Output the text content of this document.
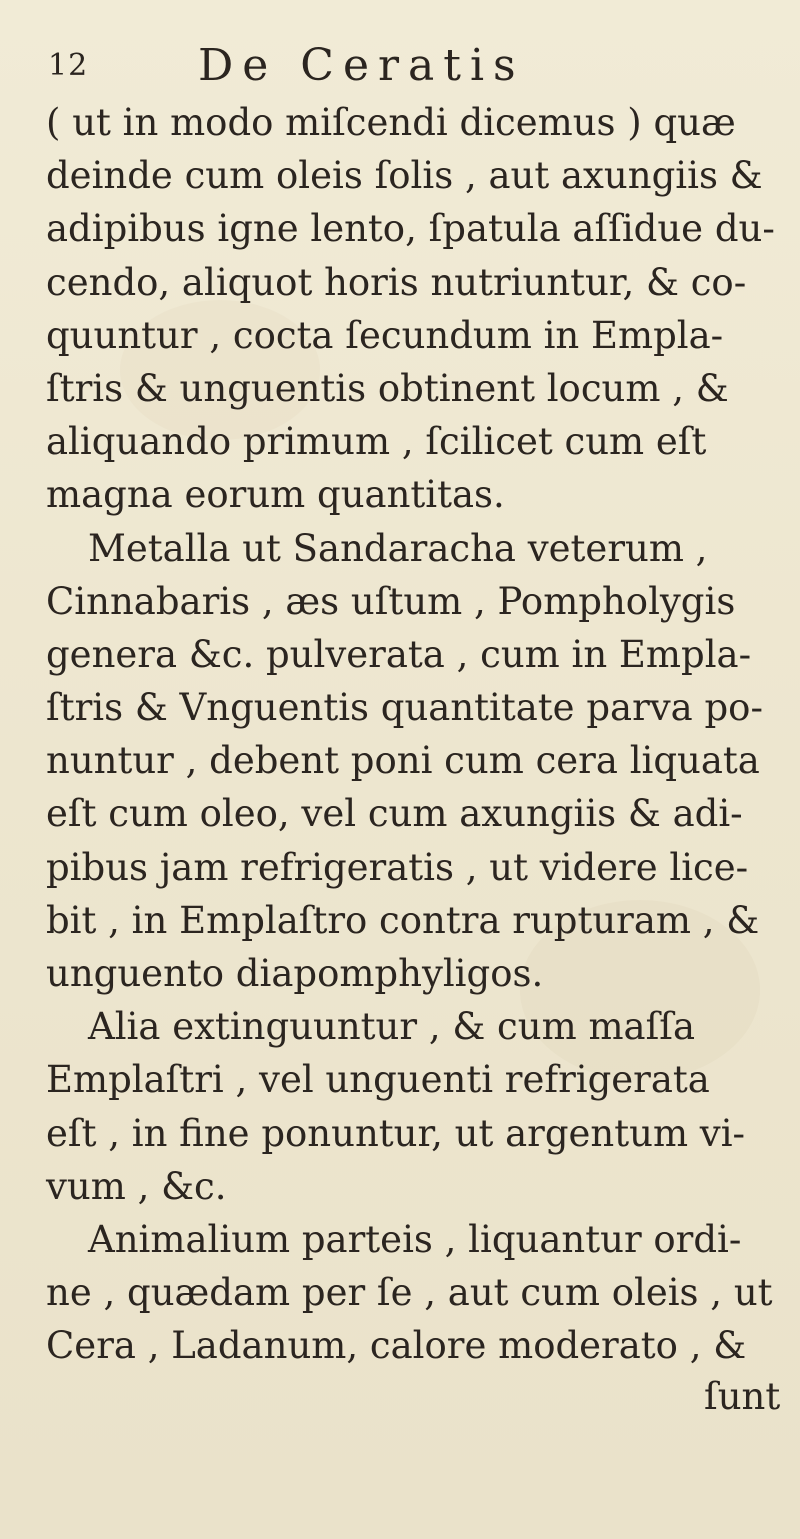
12 De Ceratis
( ut in modo miſcendi dicemus ) quæ
deinde cum oleis ſolis , aut axungiis &
adipibus igne lento, ſpatula aſſidue du-
cendo, aliquot horis nutriuntur, & co-
quuntur , cocta ſecundum in Empla-
ſtris & unguentis obtinent locum , &
aliquando primum , ſcilicet cum eſt
magna eorum quantitas.
Metalla ut Sandaracha veterum ,
Cinnabaris , æs uſtum , Pompholygis
genera &c. pulverata , cum in Empla-
ſtris & Vnguentis quantitate parva po-
nuntur , debent poni cum cera liquata
eſt cum oleo, vel cum axungiis & adi-
pibus jam refrigeratis , ut videre lice-
bit , in Emplaſtro contra rupturam , &
unguento diapomphyligos.
Alia extinguuntur , & cum maſſa
Emplaſtri , vel unguenti refrigerata
eſt , in fine ponuntur, ut argentum vi-
vum , &c.
Animalium parteis , liquantur ordi-
ne , quædam per ſe , aut cum oleis , ut
Cera , Ladanum, calore moderato , &
ſunt
